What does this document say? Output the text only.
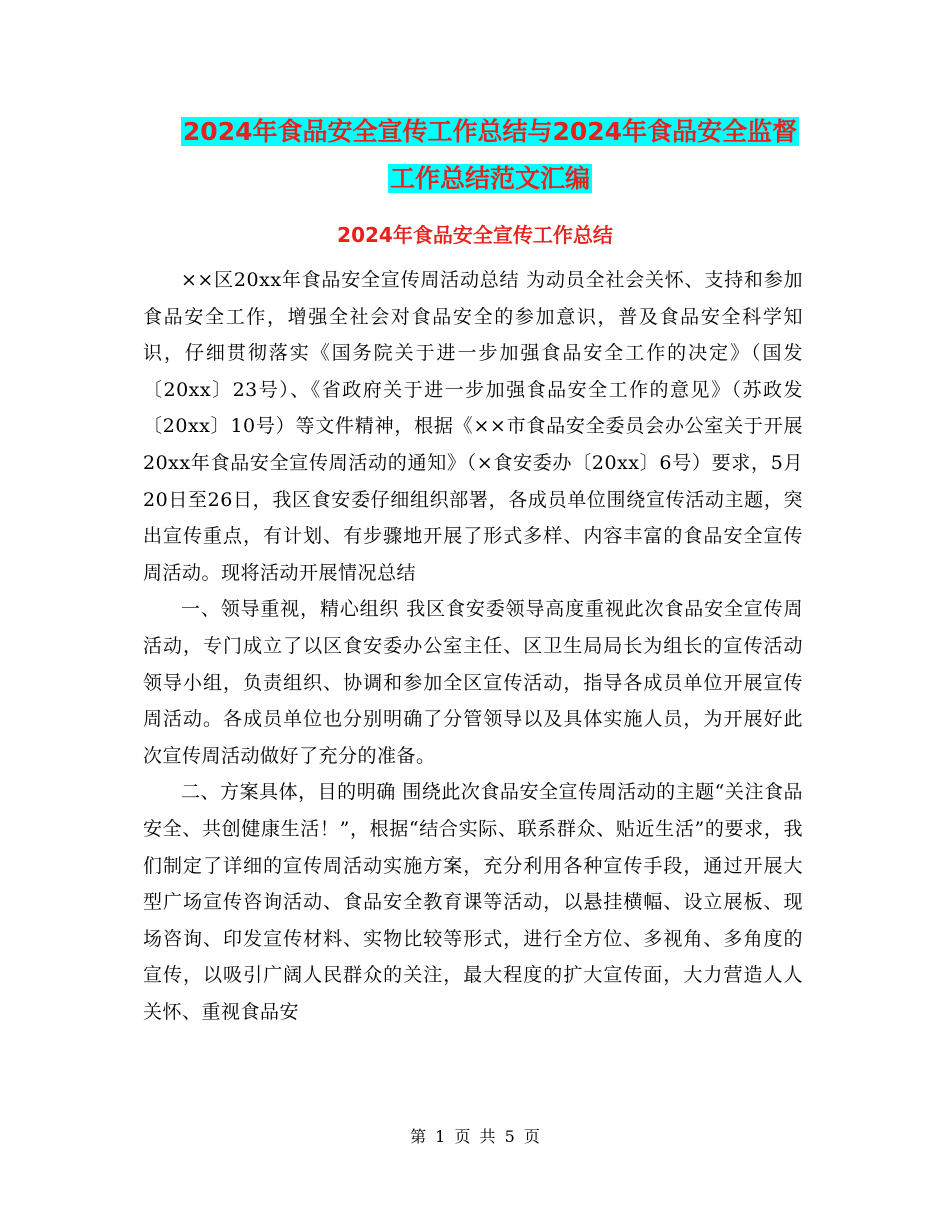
2024年食品安全宣传工作总结与2024年食品安全监督
工作总结范文汇编
2024年食品安全宣传工作总结

××区20xx年食品安全宣传周活动总结 为动员全社会关怀、支持和参加食品安全工作，增强全社会对食品安全的参加意识，普及食品安全科学知识，仔细贯彻落实《国务院关于进一步加强食品安全工作的决定》（国发〔20xx〕23号）、《省政府关于进一步加强食品安全工作的意见》（苏政发〔20xx〕10号）等文件精神，根据《××市食品安全委员会办公室关于开展20xx年食品安全宣传周活动的通知》（×食安委办〔20xx〕6号）要求，5月20日至26日，我区食安委仔细组织部署，各成员单位围绕宣传活动主题，突出宣传重点，有计划、有步骤地开展了形式多样、内容丰富的食品安全宣传周活动。现将活动开展情况总结

一、领导重视，精心组织 我区食安委领导高度重视此次食品安全宣传周活动，专门成立了以区食安委办公室主任、区卫生局局长为组长的宣传活动领导小组，负责组织、协调和参加全区宣传活动，指导各成员单位开展宣传周活动。各成员单位也分别明确了分管领导以及具体实施人员，为开展好此次宣传周活动做好了充分的准备。

二、方案具体，目的明确 围绕此次食品安全宣传周活动的主题“关注食品安全、共创健康生活！”，根据“结合实际、联系群众、贴近生活”的要求，我们制定了详细的宣传周活动实施方案，充分利用各种宣传手段，通过开展大型广场宣传咨询活动、食品安全教育课等活动，以悬挂横幅、设立展板、现场咨询、印发宣传材料、实物比较等形式，进行全方位、多视角、多角度的宣传，以吸引广阔人民群众的关注，最大程度的扩大宣传面，大力营造人人关怀、重视食品安

第 1 页 共 5 页
